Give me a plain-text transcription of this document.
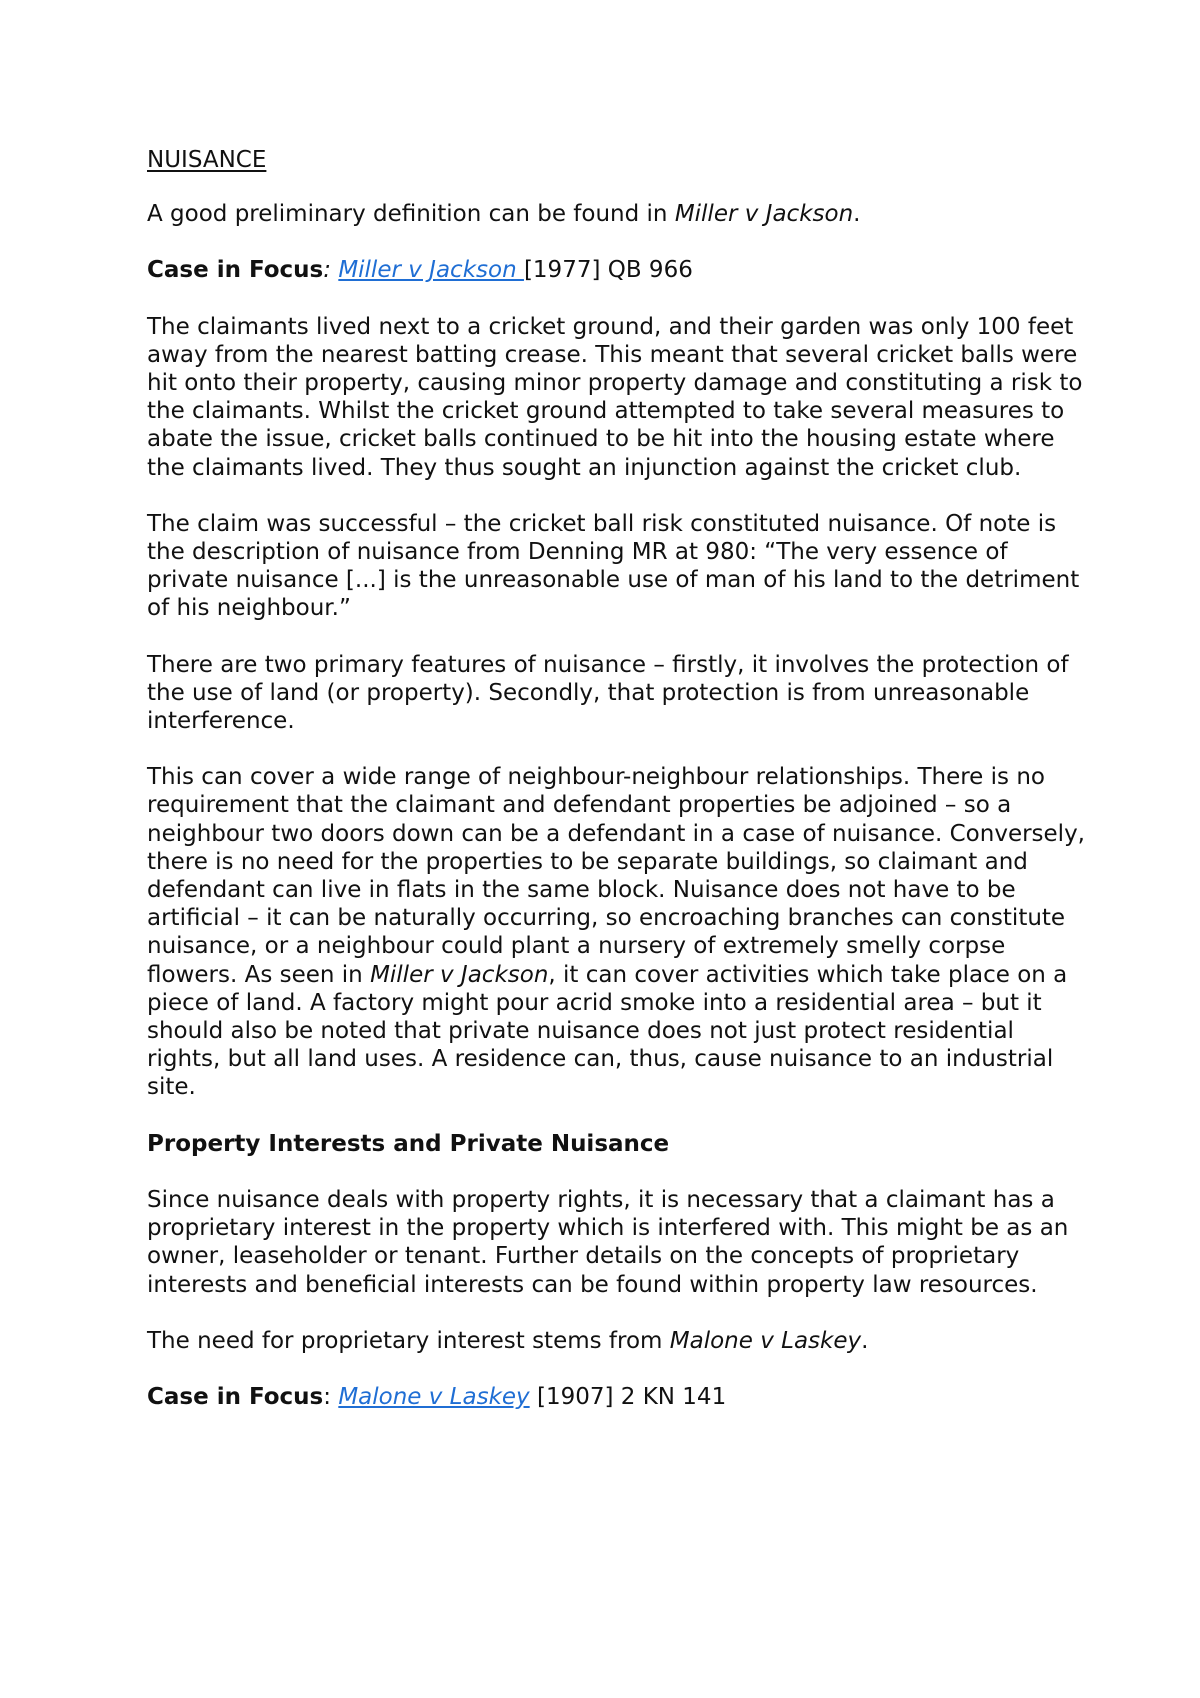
NUISANCE

A good preliminary definition can be found in Miller v Jackson.

Case in Focus: Miller v Jackson [1977] QB 966

The claimants lived next to a cricket ground, and their garden was only 100 feet away from the nearest batting crease. This meant that several cricket balls were hit onto their property, causing minor property damage and constituting a risk to the claimants. Whilst the cricket ground attempted to take several measures to abate the issue, cricket balls continued to be hit into the housing estate where the claimants lived. They thus sought an injunction against the cricket club.

The claim was successful – the cricket ball risk constituted nuisance. Of note is the description of nuisance from Denning MR at 980: “The very essence of private nuisance [...] is the unreasonable use of man of his land to the detriment of his neighbour.”

There are two primary features of nuisance – firstly, it involves the protection of the use of land (or property). Secondly, that protection is from unreasonable interference.

This can cover a wide range of neighbour-neighbour relationships. There is no requirement that the claimant and defendant properties be adjoined – so a neighbour two doors down can be a defendant in a case of nuisance. Conversely, there is no need for the properties to be separate buildings, so claimant and defendant can live in flats in the same block. Nuisance does not have to be artificial – it can be naturally occurring, so encroaching branches can constitute nuisance, or a neighbour could plant a nursery of extremely smelly corpse flowers. As seen in Miller v Jackson, it can cover activities which take place on a piece of land. A factory might pour acrid smoke into a residential area – but it should also be noted that private nuisance does not just protect residential rights, but all land uses. A residence can, thus, cause nuisance to an industrial site.

Property Interests and Private Nuisance

Since nuisance deals with property rights, it is necessary that a claimant has a proprietary interest in the property which is interfered with. This might be as an owner, leaseholder or tenant. Further details on the concepts of proprietary interests and beneficial interests can be found within property law resources.

The need for proprietary interest stems from Malone v Laskey.

Case in Focus: Malone v Laskey [1907] 2 KN 141
